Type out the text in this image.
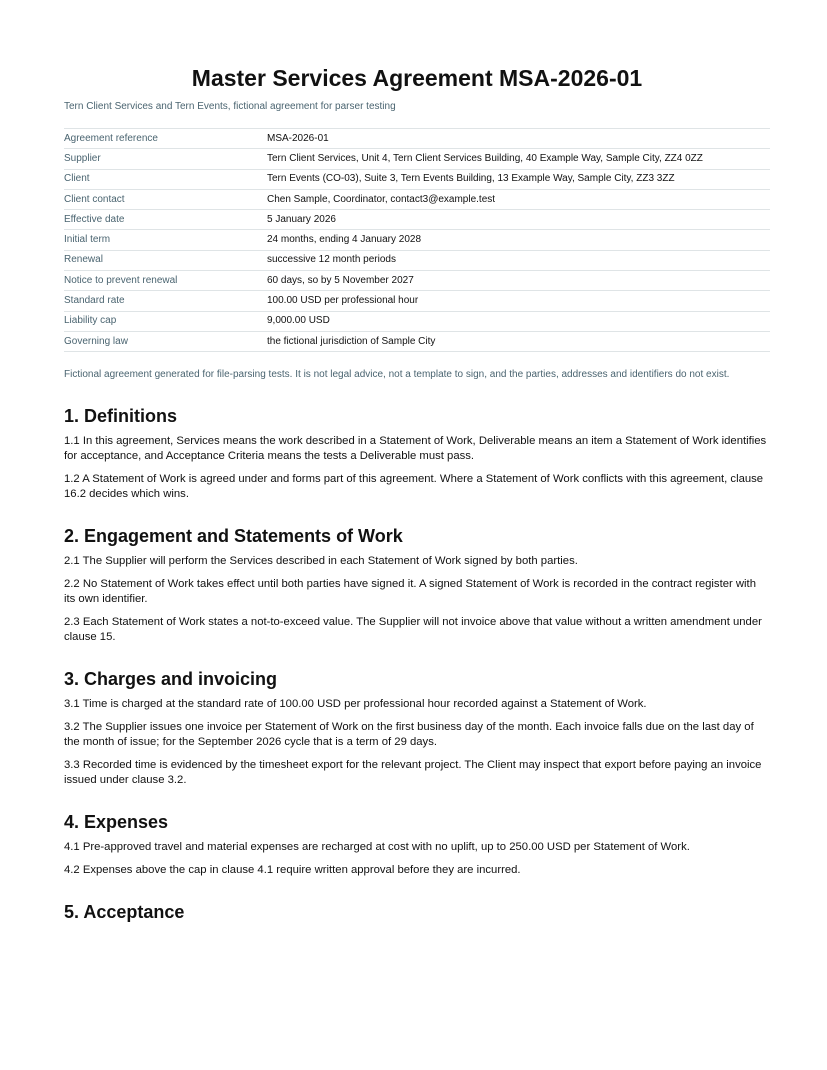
Master Services Agreement MSA-2026-01
Tern Client Services and Tern Events, fictional agreement for parser testing
Agreement reference	MSA-2026-01
Supplier	Tern Client Services, Unit 4, Tern Client Services Building, 40 Example Way, Sample City, ZZ4 0ZZ
Client	Tern Events (CO-03), Suite 3, Tern Events Building, 13 Example Way, Sample City, ZZ3 3ZZ
Client contact	Chen Sample, Coordinator, contact3@example.test
Effective date	5 January 2026
Initial term	24 months, ending 4 January 2028
Renewal	successive 12 month periods
Notice to prevent renewal	60 days, so by 5 November 2027
Standard rate	100.00 USD per professional hour
Liability cap	9,000.00 USD
Governing law	the fictional jurisdiction of Sample City
Fictional agreement generated for file-parsing tests. It is not legal advice, not a template to sign, and the parties, addresses and identifiers do not exist.
1. Definitions

1.1 In this agreement, Services means the work described in a Statement of Work, Deliverable means an item a Statement of Work identifies for acceptance, and Acceptance Criteria means the tests a Deliverable must pass.

1.2 A Statement of Work is agreed under and forms part of this agreement. Where a Statement of Work conflicts with this agreement, clause 16.2 decides which wins.

2. Engagement and Statements of Work

2.1 The Supplier will perform the Services described in each Statement of Work signed by both parties.

2.2 No Statement of Work takes effect until both parties have signed it. A signed Statement of Work is recorded in the contract register with its own identifier.

2.3 Each Statement of Work states a not-to-exceed value. The Supplier will not invoice above that value without a written amendment under clause 15.

3. Charges and invoicing

3.1 Time is charged at the standard rate of 100.00 USD per professional hour recorded against a Statement of Work.

3.2 The Supplier issues one invoice per Statement of Work on the first business day of the month. Each invoice falls due on the last day of the month of issue; for the September 2026 cycle that is a term of 29 days.

3.3 Recorded time is evidenced by the timesheet export for the relevant project. The Client may inspect that export before paying an invoice issued under clause 3.2.

4. Expenses

4.1 Pre-approved travel and material expenses are recharged at cost with no uplift, up to 250.00 USD per Statement of Work.

4.2 Expenses above the cap in clause 4.1 require written approval before they are incurred.

5. Acceptance
